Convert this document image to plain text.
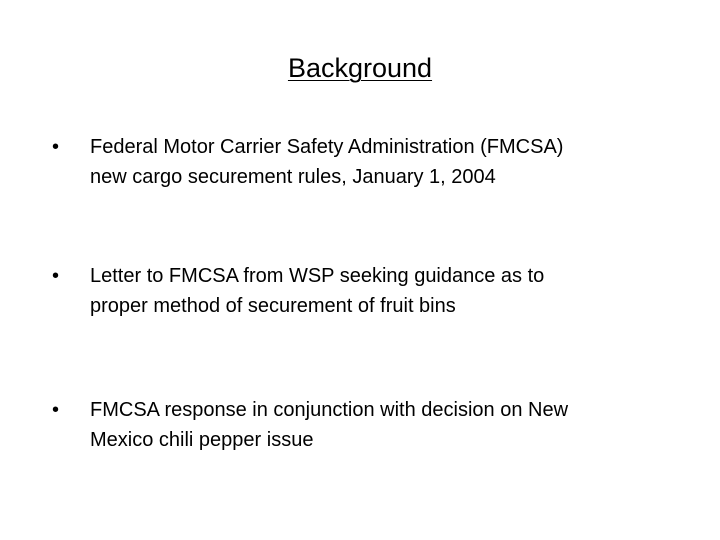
Background
• Federal Motor Carrier Safety Administration (FMCSA)
new cargo securement rules, January 1, 2004
• Letter to FMCSA from WSP seeking guidance as to
proper method of securement of fruit bins
• FMCSA response in conjunction with decision on New
Mexico chili pepper issue
